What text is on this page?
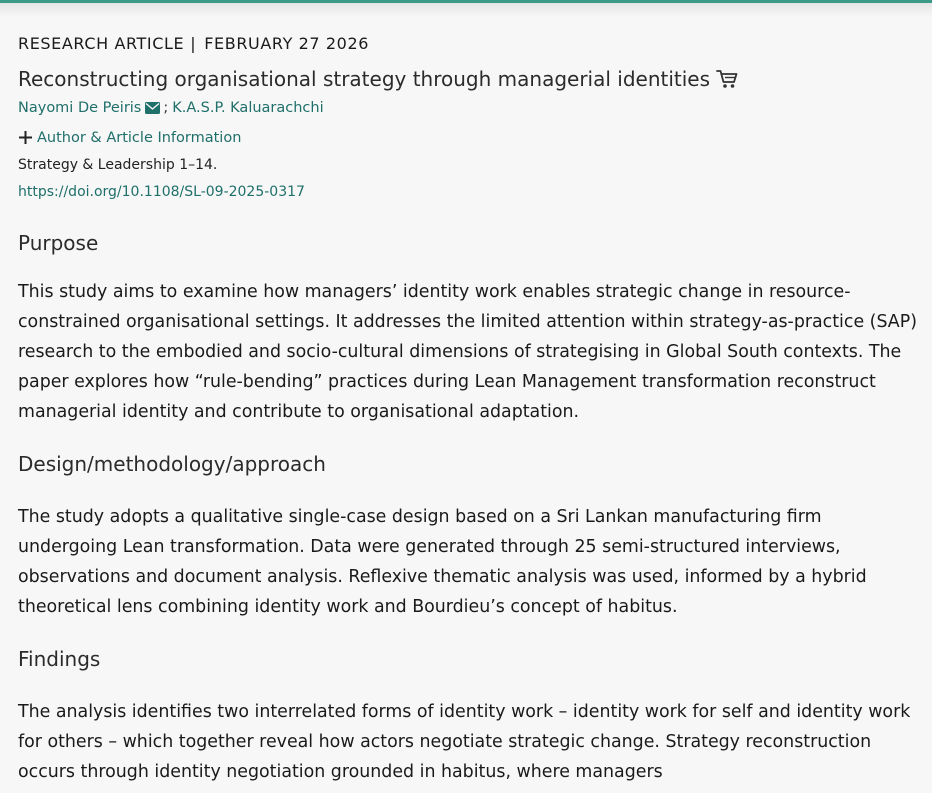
RESEARCH ARTICLE | FEBRUARY 27 2026
Reconstructing organisational strategy through managerial identities
Nayomi De Peiris ; K.A.S.P. Kaluarachchi
Author & Article Information
Strategy & Leadership 1–14.
https://doi.org/10.1108/SL-09-2025-0317
Purpose

This study aims to examine how managers’ identity work enables strategic change in resource-constrained organisational settings. It addresses the limited attention within strategy-as-practice (SAP) research to the embodied and socio-cultural dimensions of strategising in Global South contexts. The paper explores how “rule-bending” practices during Lean Management transformation reconstruct managerial identity and contribute to organisational adaptation.

Design/methodology/approach

The study adopts a qualitative single-case design based on a Sri Lankan manufacturing firm undergoing Lean transformation. Data were generated through 25 semi-structured interviews, observations and document analysis. Reflexive thematic analysis was used, informed by a hybrid theoretical lens combining identity work and Bourdieu’s concept of habitus.

Findings

The analysis identifies two interrelated forms of identity work – identity work for self and identity work for others – which together reveal how actors negotiate strategic change. Strategy reconstruction occurs through identity negotiation grounded in habitus, where managers
